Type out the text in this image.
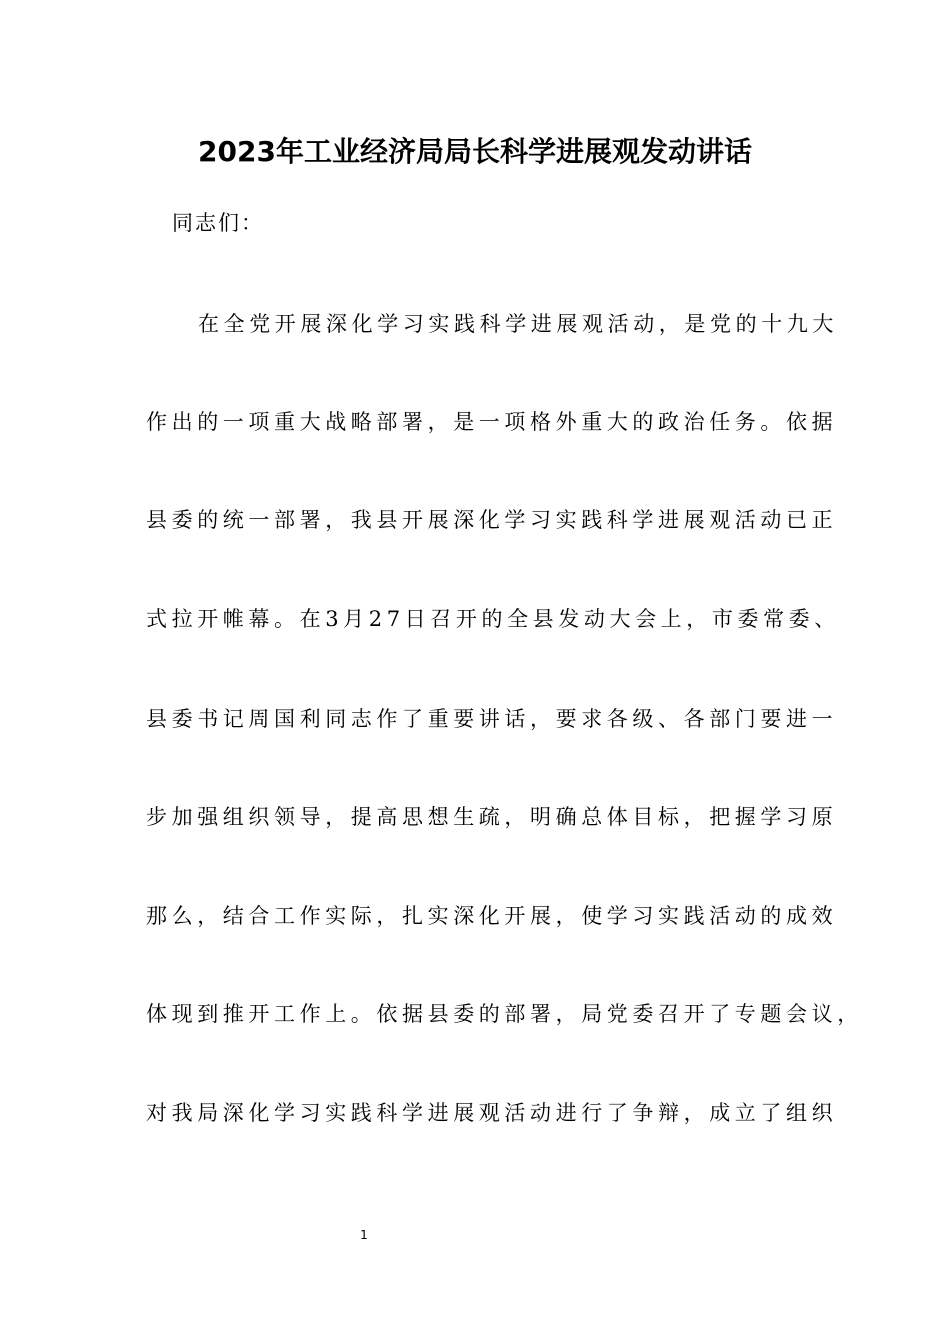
2023年工业经济局局长科学进展观发动讲话
同志们：
在全党开展深化学习实践科学进展观活动，是党的十九大
作出的一项重大战略部署，是一项格外重大的政治任务。依据
县委的统一部署，我县开展深化学习实践科学进展观活动已正
式拉开帷幕。在3月27日召开的全县发动大会上，市委常委、
县委书记周国利同志作了重要讲话，要求各级、各部门要进一
步加强组织领导，提高思想生疏，明确总体目标，把握学习原
那么，结合工作实际，扎实深化开展，使学习实践活动的成效
体现到推开工作上。依据县委的部署，局党委召开了专题会议，
对我局深化学习实践科学进展观活动进行了争辩，成立了组织
1
